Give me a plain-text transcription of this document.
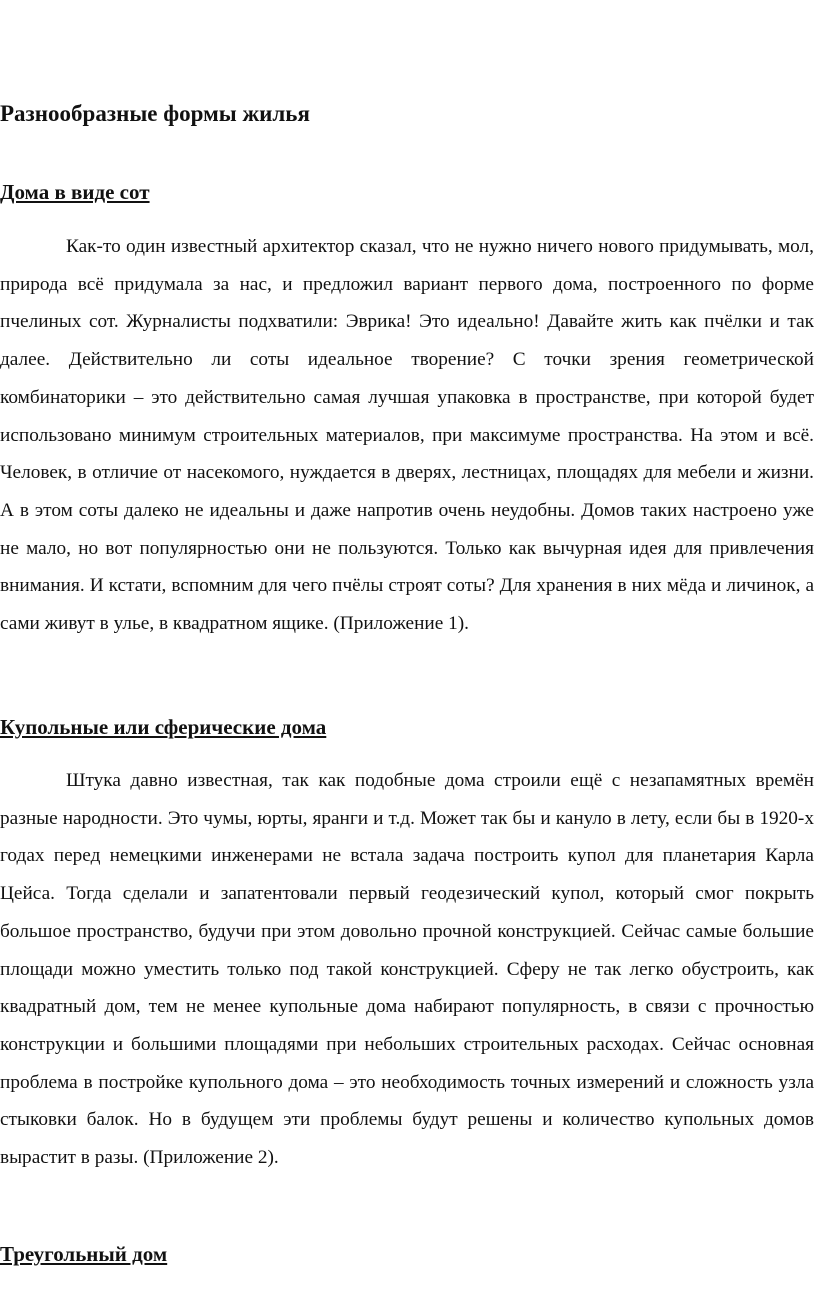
Разнообразные формы жилья
Дома в виде сот

Как-то один известный архитектор сказал, что не нужно ничего нового придумывать, мол, природа всё придумала за нас, и предложил вариант первого дома, построенного по форме пчелиных сот. Журналисты подхватили: Эврика! Это идеально! Давайте жить как пчёлки и так далее. Действительно ли соты идеальное творение? С точки зрения геометрической комбинаторики – это действительно самая лучшая упаковка в пространстве, при которой будет использовано минимум строительных материалов, при максимуме пространства. На этом и всё. Человек, в отличие от насекомого, нуждается в дверях, лестницах, площадях для мебели и жизни. А в этом соты далеко не идеальны и даже напротив очень неудобны. Домов таких настроено уже не мало, но вот популярностью они не пользуются. Только как вычурная идея для привлечения внимания. И кстати, вспомним для чего пчёлы строят соты? Для хранения в них мёда и личинок, а сами живут в улье, в квадратном ящике. (Приложение 1).

Купольные или сферические дома

Штука давно известная, так как подобные дома строили ещё с незапамятных времён разные народности. Это чумы, юрты, яранги и т.д. Может так бы и кануло в лету, если бы в 1920-х годах перед немецкими инженерами не встала задача построить купол для планетария Карла Цейса. Тогда сделали и запатентовали первый геодезический купол, который смог покрыть большое пространство, будучи при этом довольно прочной конструкцией. Сейчас самые большие площади можно уместить только под такой конструкцией. Сферу не так легко обустроить, как квадратный дом, тем не менее купольные дома набирают популярность, в связи с прочностью конструкции и большими площадями при небольших строительных расходах. Сейчас основная проблема в постройке купольного дома – это необходимость точных измерений и сложность узла стыковки балок. Но в будущем эти проблемы будут решены и количество купольных домов вырастит в разы. (Приложение 2).

Треугольный дом
